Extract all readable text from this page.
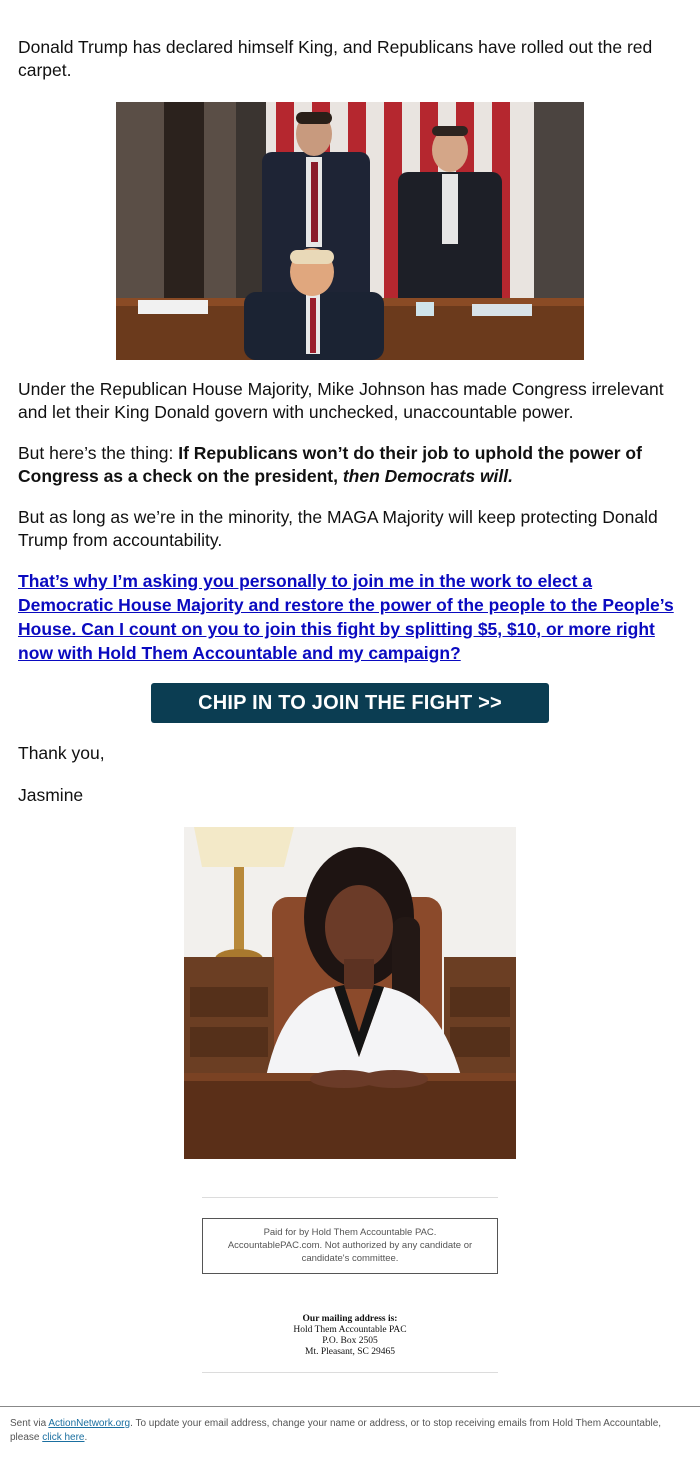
Donald Trump has declared himself King, and Republicans have rolled out the red carpet.

Under the Republican House Majority, Mike Johnson has made Congress irrelevant and let their King Donald govern with unchecked, unaccountable power.

But here’s the thing: If Republicans won’t do their job to uphold the power of Congress as a check on the president, then Democrats will.

But as long as we’re in the minority, the MAGA Majority will keep protecting Donald Trump from accountability.

That’s why I’m asking you personally to join me in the work to elect a Democratic House Majority and restore the power of the people to the People’s House. Can I count on you to join this fight by splitting $5, $10, or more right now with Hold Them Accountable and my campaign?

CHIP IN TO JOIN THE FIGHT >>

Thank you,

Jasmine

Paid for by Hold Them Accountable PAC.
AccountablePAC.com. Not authorized by any candidate or
candidate's committee.
Our mailing address is:
Hold Them Accountable PAC
P.O. Box 2505
Mt. Pleasant, SC 29465
Sent via ActionNetwork.org. To update your email address, change your name or address, or to stop receiving emails from Hold Them Accountable, please click here.
